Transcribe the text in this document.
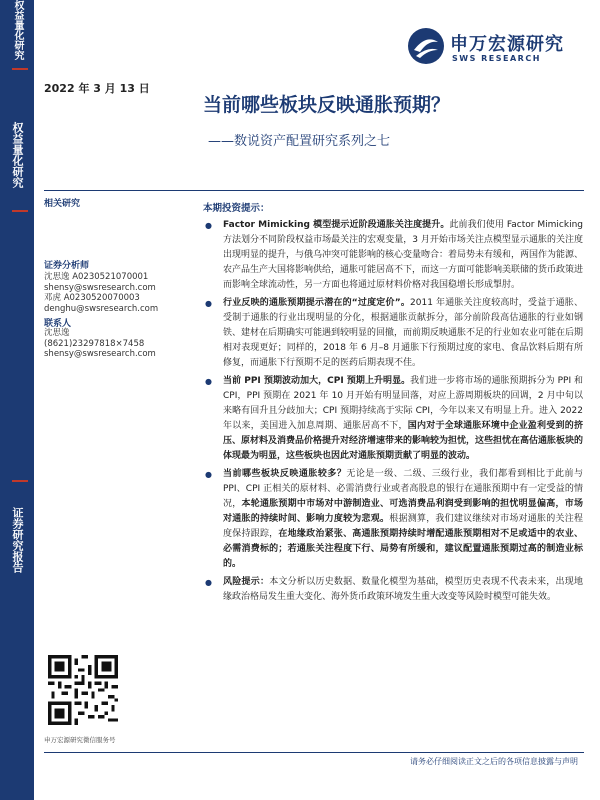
权益量化研究
权益量化研究
证券研究报告
申万宏源研究
SWS RESEARCH
2022 年 3 月 13 日
当前哪些板块反映通胀预期？
——数说资产配置研究系列之七
相关研究
证券分析师
沈思逸 A0230521070001
shensy@swsresearch.com
邓虎 A0230520070003
denghu@swsresearch.com
联系人
沈思逸
(8621)23297818×7458
shensy@swsresearch.com
本期投资提示：
● Factor Mimicking 模型提示近阶段通胀关注度提升。此前我们使用 Factor Mimicking 方法划分不同阶段权益市场最关注的宏观变量，3 月开始市场关注点模型显示通胀的关注度出现明显的提升，与俄乌冲突可能影响的核心变量吻合：着局势未有缓和，两国作为能源、农产品生产大国将影响供给，通胀可能居高不下，而这一方面可能影响美联储的货币政策进而影响全球流动性，另一方面也将通过原材料价格对我国稳增长形成掣肘。
● 行业反映的通胀预期提示潜在的“过度定价”。2011 年通胀关注度较高时，受益于通胀、受制于通胀的行业出现明显的分化，根据通胀贡献拆分，部分前阶段高估通胀的行业如钢铁、建材在后期确实可能遇到较明显的回撤，而前期反映通胀不足的行业如农业可能在后期相对表现更好；同样的，2018 年 6 月–8 月通胀下行预期过度的家电、食品饮料后期有所修复，而通胀下行预期不足的医药后期表现不佳。
● 当前 PPI 预期波动加大，CPI 预期上升明显。我们进一步将市场的通胀预期拆分为 PPI 和 CPI，PPI 预期在 2021 年 10 月开始有明显回落，对应上游周期板块的回调，2 月中旬以来略有回升且分歧加大；CPI 预期持续高于实际 CPI，今年以来又有明显上升。进入 2022 年以来，美国进入加息周期、通胀居高不下，国内对于全球通胀环境中企业盈利受到的挤压、原材料及消费品价格提升对经济增速带来的影响较为担忧，这些担忧在高估通胀板块的体现最为明显，这些板块也因此对通胀预期贡献了明显的波动。
● 当前哪些板块反映通胀较多？无论是一级、二级、三级行业，我们都看到相比于此前与 PPI、CPI 正相关的原材料、必需消费行业或者高股息的银行在通胀预期中有一定受益的情况，本轮通胀预期中市场对中游制造业、可选消费品利润受到影响的担忧明显偏高，市场对通胀的持续时间、影响力度较为悲观。根据测算，我们建议继续对市场对通胀的关注程度保持跟踪，在地缘政治紧张、高通胀预期持续时增配通胀预期相对不足或适中的农业、必需消费标的；若通胀关注程度下行、局势有所缓和，建议配置通胀预期过高的制造业标的。
● 风险提示：本文分析以历史数据、数量化模型为基础，模型历史表现不代表未来，出现地缘政治格局发生重大变化、海外货币政策环境发生重大改变等风险时模型可能失效。
申万宏源研究微信服务号
请务必仔细阅读正文之后的各项信息披露与声明
